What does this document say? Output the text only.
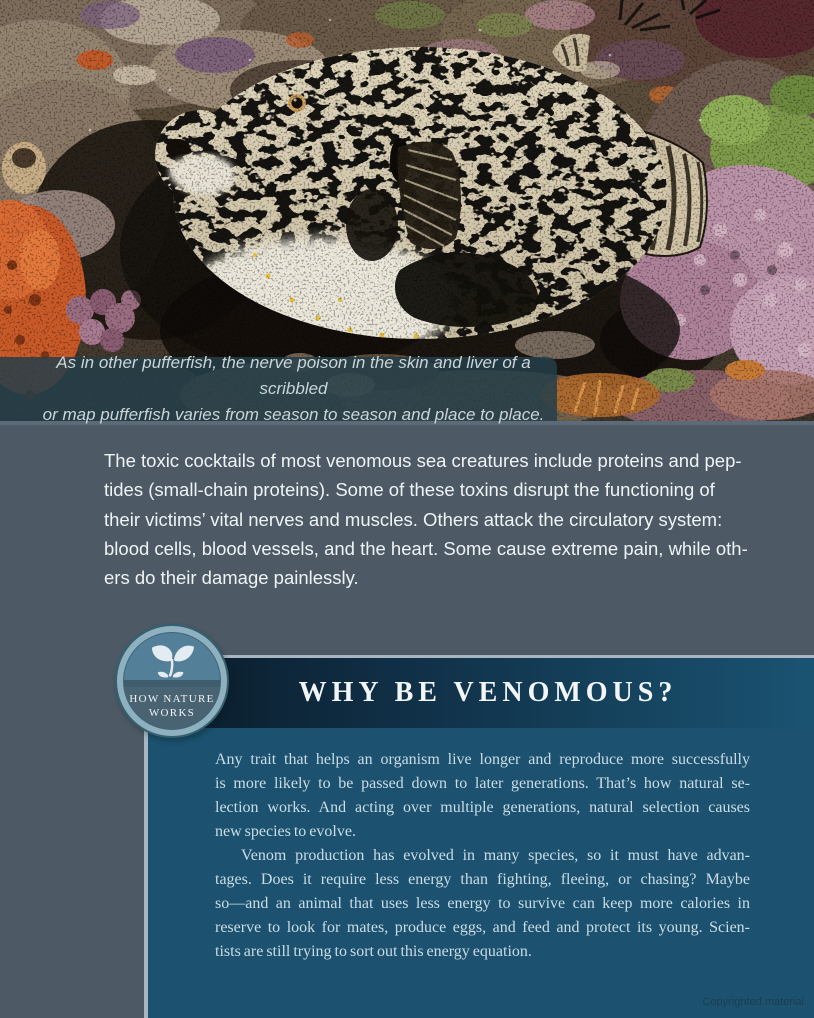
As in other pufferfish, the nerve poison in the skin and liver of a scribbled
or map pufferfish varies from season to season and place to place.
The toxic cocktails of most venomous sea creatures include proteins and pep-
tides (small-chain proteins). Some of these toxins disrupt the functioning of
their victims’ vital nerves and muscles. Others attack the circulatory system:
blood cells, blood vessels, and the heart. Some cause extreme pain, while oth-
ers do their damage painlessly.
WHY BE VENOMOUS?
Any trait that helps an organism live longer and reproduce more successfully
is more likely to be passed down to later generations. That’s how natural se-
lection works. And acting over multiple generations, natural selection causes
new species to evolve.
Venom production has evolved in many species, so it must have advan-
tages. Does it require less energy than fighting, fleeing, or chasing? Maybe
so—and an animal that uses less energy to survive can keep more calories in
reserve to look for mates, produce eggs, and feed and protect its young. Scien-
tists are still trying to sort out this energy equation.
HOW NATURE
WORKS
Copyrighted material
